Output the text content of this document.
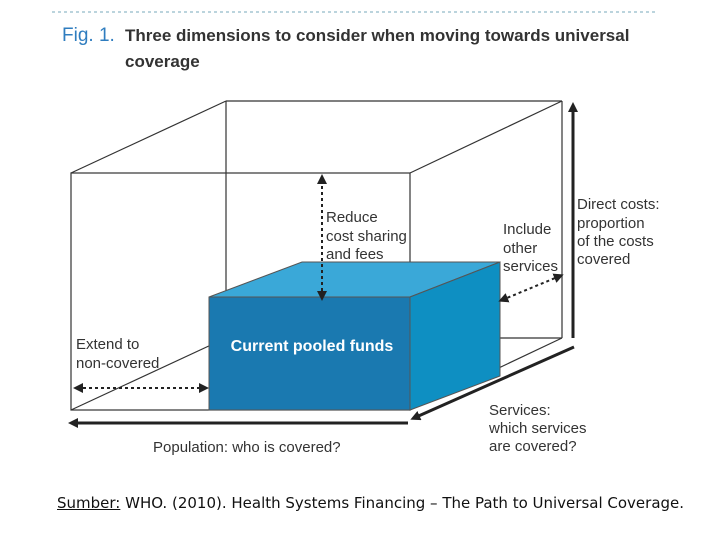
Fig. 1. Three dimensions to consider when moving towards universal
coverage
Current pooled funds
Reduce cost sharing and fees
Include other services
Direct costs: proportion of the costs covered
Extend to non-covered
Services: which services are covered?
Population: who is covered?
Sumber: WHO. (2010). Health Systems Financing – The Path to Universal Coverage.
